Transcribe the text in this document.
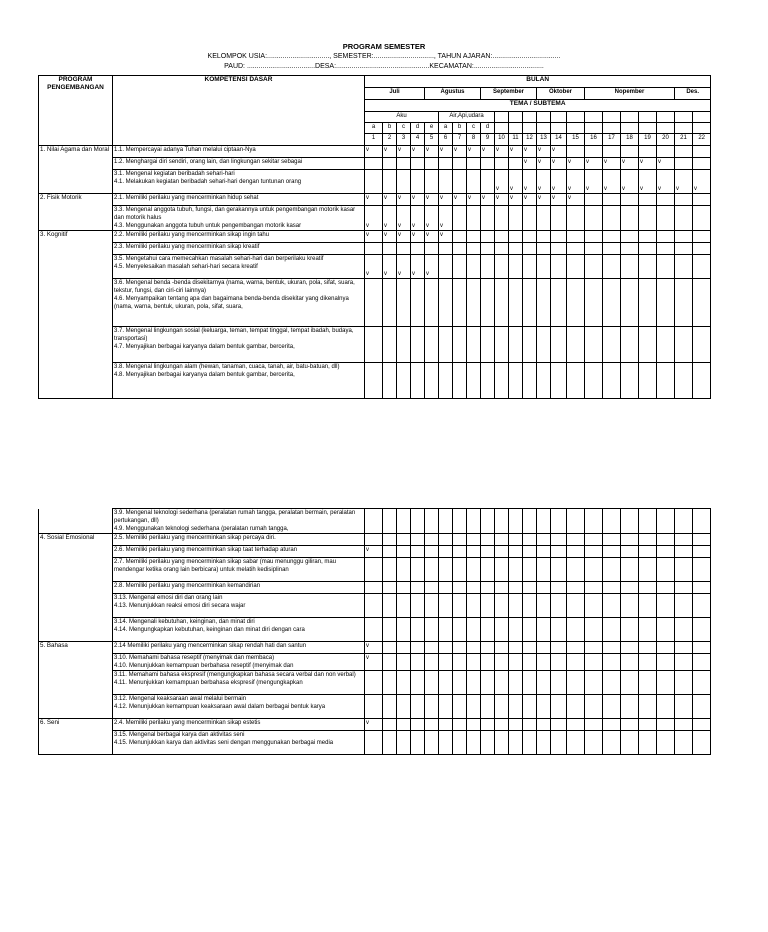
PROGRAM SEMESTER
KELOMPOK USIA:................................, SEMESTER:..............................., TAHUN AJARAN:...................................
PAUD: ...................................DESA:................................................KECAMATAN:....................................
PROGRAM PENGEMBANGAN	KOMPETENSI DASAR	BULAN																					
		Juli				Agustus				September				Oktober			Nopember					Des.	
		TEMA / SUBTEMA																					
		Aku					Air,Api,udara																
		a	b	c	d	e	a	b	c	d													
		1	2	3	4	5	6	7	8	9	10	11	12	13	14	15	16	17	18	19	20	21	22
1. Nilai Agama dan Moral	1.1. Mempercayai adanya Tuhan melalui ciptaan-Nya	v	v	v	v	v	v	v	v	v	v	v	v	v	v								

	1.2. Menghargai diri sendiri, orang lain, dan lingkungan sekitar sebagai												v	v	v	v	v	v	v	v	v		

	3.1. Mengenal kegiatan beribadah sehari-hari
4.1. Melakukan kegiatan beribadah sehari-hari dengan tuntunan orang										v	v	v	v	v	v	v	v	v	v	v	v	v
2. Fisik Motorik	2.1. Memiliki perilaku yang mencerminkan hidup sehat	v	v	v	v	v	v	v	v	v	v	v	v	v	v	v							

	3.3. Mengenal anggota tubuh, fungsi, dan gerakannya untuk pengembangan motorik kasar dan motorik halus
4.3. Menggunakan anggota tubuh untuk pengembangan motorik kasar	v	v	v	v	v	v																
3. Kognitif	2.2. Memiliki perilaku yang mencerminkan sikap ingin tahu	v	v	v	v	v	v																

	2.3. Memiliki perilaku yang mencerminkan sikap kreatif																						

	3.5. Mengetahui cara memecahkan masalah sehari-hari dan berperilaku kreatif
4.5. Menyelesaikan masalah sehari-hari secara kreatif	v	v	v	v	v																	

	3.6. Mengenal benda -benda disekitarnya (nama, warna, bentuk, ukuran, pola, sifat, suara, tekstur, fungsi, dan ciri-ciri lainnya)
4.6. Menyampaikan tentang apa dan bagaimana benda-benda disekitar yang dikenalnya (nama, warna, bentuk, ukuran, pola, sifat, suara,																						

	3.7. Mengenal lingkungan sosial (keluarga, teman, tempat tinggal, tempat ibadah, budaya, transportasi)
4.7. Menyajikan berbagai karyanya dalam bentuk gambar, bercerita,																						

	3.8. Mengenal lingkungan alam (hewan, tanaman, cuaca, tanah, air, batu-batuan, dll)
4.8. Menyajikan berbagai karyanya dalam bentuk gambar, bercerita,																						

	3.9. Mengenal teknologi sederhana (peralatan rumah tangga, peralatan bermain, peralatan pertukangan, dll)
4.9. Menggunakan teknologi sederhana (peralatan rumah tangga,																						

4. Sosial Emosional	2.5. Memiliki perilaku yang mencerminkan sikap percaya diri.																						

	2.6. Memiliki perilaku yang mencerminkan sikap taat terhadap aturan	v																					

	2.7. Memiliki perilaku yang mencerminkan sikap sabar (mau menunggu giliran, mau mendengar ketika orang lain berbicara) untuk melatih kedisiplinan																						

	2.8. Memiliki perilaku yang mencerminkan kemandirian																						

	3.13. Mengenal emosi diri dan orang lain
4.13. Menunjukkan reaksi emosi diri secara wajar																						

	3.14. Mengenali kebutuhan, keinginan, dan minat diri
4.14. Mengungkapkan kebutuhan, keinginan dan minat diri dengan cara																						

5. Bahasa	2.14 Memiliki perilaku yang mencerminkan sikap rendah hati dan santun	v																					

	3.10. Memahami bahasa reseptif (menyimak dan membaca)
4.10. Menunjukkan kemampuan berbahasa reseptif (menyimak dan	v																					

	3.11. Memahami bahasa ekspresif (mengungkapkan bahasa secara verbal dan non verbal)
4.11. Menunjukkan kemampuan berbahasa ekspresif (mengungkapkan																						

	3.12. Mengenal keaksaraan awal melalui bermain
4.12. Menunjukkan kemampuan keaksaraan awal dalam berbagai bentuk karya																						

6. Seni	2.4. Memiliki perilaku yang mencerminkan sikap estetis	v																					

	3.15. Mengenal berbagai karya dan aktivitas seni
4.15. Menunjukkan karya dan aktivitas seni dengan menggunakan berbagai media																						
